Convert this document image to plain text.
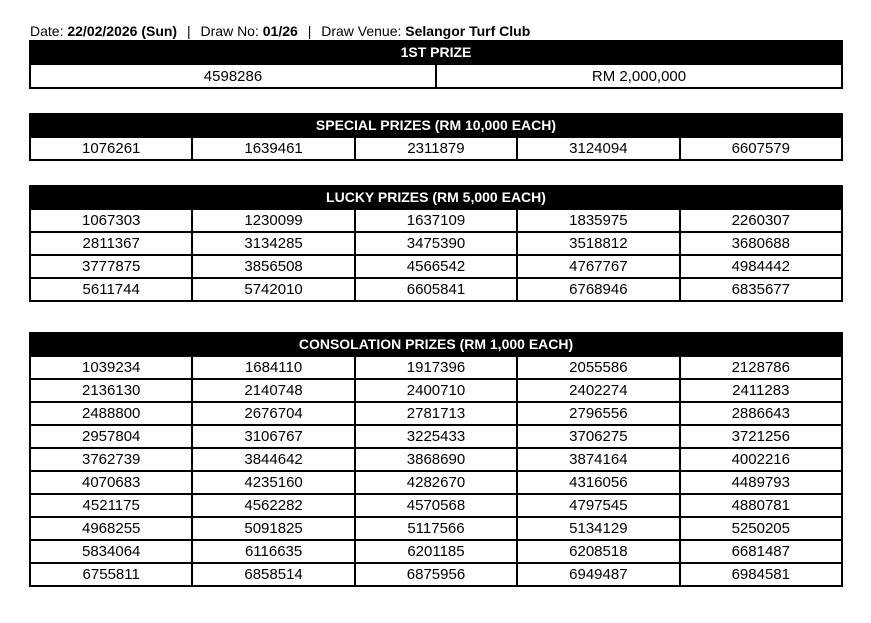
Date: 22/02/2026 (Sun) | Draw No: 01/26 | Draw Venue: Selangor Turf Club
1ST PRIZE
4598286	RM 2,000,000
SPECIAL PRIZES (RM 10,000 EACH)
1076261	1639461	2311879	3124094	6607579
LUCKY PRIZES (RM 5,000 EACH)				
1067303	1230099	1637109	1835975	2260307
2811367	3134285	3475390	3518812	3680688
3777875	3856508	4566542	4767767	4984442
5611744	5742010	6605841	6768946	6835677
CONSOLATION PRIZES (RM 1,000 EACH)				
1039234	1684110	1917396	2055586	2128786
2136130	2140748	2400710	2402274	2411283
2488800	2676704	2781713	2796556	2886643
2957804	3106767	3225433	3706275	3721256
3762739	3844642	3868690	3874164	4002216
4070683	4235160	4282670	4316056	4489793
4521175	4562282	4570568	4797545	4880781
4968255	5091825	5117566	5134129	5250205
5834064	6116635	6201185	6208518	6681487
6755811	6858514	6875956	6949487	6984581
